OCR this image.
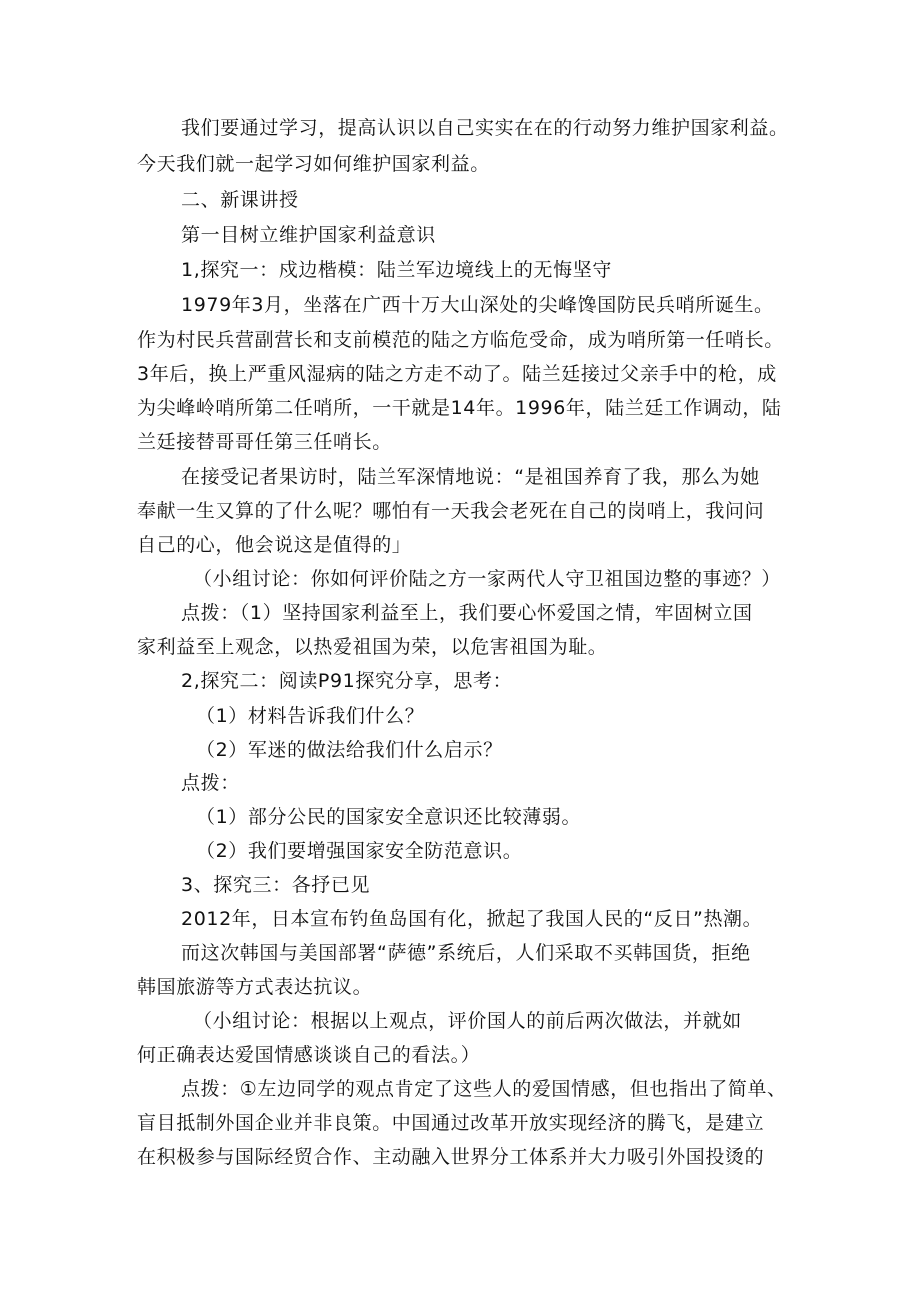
我们要通过学习，提高认识以自己实实在在的行动努力维护国家利益。
今天我们就一起学习如何维护国家利益。
二、新课讲授
第一目树立维护国家利益意识
1,探究一：戍边楷模：陆兰军边境线上的无悔坚守
1979年3月，坐落在广西十万大山深处的尖峰馋国防民兵哨所诞生。
作为村民兵营副营长和支前模范的陆之方临危受命，成为哨所第一任哨长。
3年后，换上严重风湿病的陆之方走不动了。陆兰廷接过父亲手中的枪，成
为尖峰岭哨所第二任哨所，一干就是14年。1996年，陆兰廷工作调动，陆
兰廷接替哥哥任第三任哨长。
在接受记者果访时，陆兰军深情地说：“是祖国养育了我，那么为她
奉献一生又算的了什么呢？哪怕有一天我会老死在自己的岗哨上，我问问
自己的心，他会说这是值得的」
（小组讨论：你如何评价陆之方一家两代人守卫祖国边整的事迹？）
点拨：（1）坚持国家利益至上，我们要心怀爱国之情，牢固树立国
家利益至上观念，以热爱祖国为荣，以危害祖国为耻。
2,探究二：阅读P91探究分享，思考：
（1）材料告诉我们什么？
（2）军迷的做法给我们什么启示？
点拨：
（1）部分公民的国家安全意识还比较薄弱。
（2）我们要增强国家安全防范意识。
3、探究三：各抒已见
2012年，日本宣布钓鱼岛国有化，掀起了我国人民的“反日”热潮。
而这次韩国与美国部署“萨德”系统后，人们采取不买韩国货，拒绝
韩国旅游等方式表达抗议。
（小组讨论：根据以上观点，评价国人的前后两次做法，并就如
何正确表达爱国情感谈谈自己的看法。）
点拨：①左边同学的观点肯定了这些人的爱国情感，但也指出了简单、
盲目抵制外国企业并非良策。中国通过改革开放实现经济的腾飞，是建立
在积极参与国际经贸合作、主动融入世界分工体系并大力吸引外国投烫的
